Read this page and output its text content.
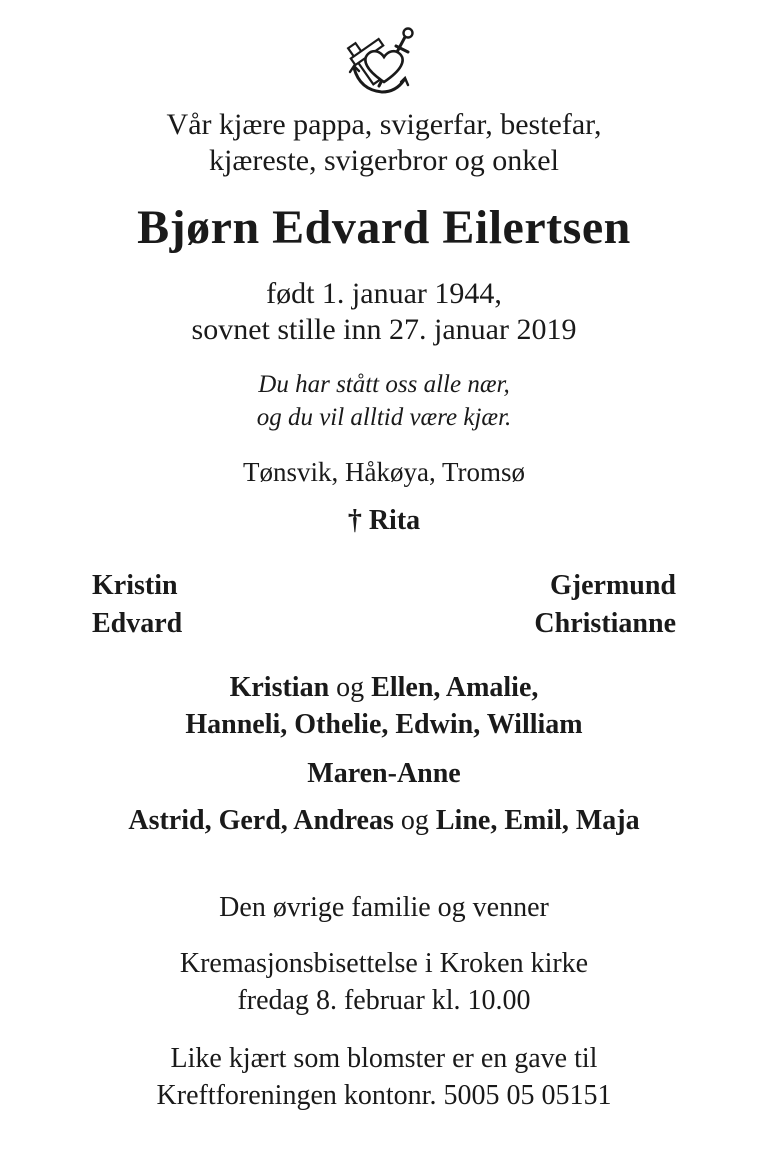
Vår kjære pappa, svigerfar, bestefar,
kjæreste, svigerbror og onkel
Bjørn Edvard Eilertsen
født 1. januar 1944,
sovnet stille inn 27. januar 2019
Du har stått oss alle nær,
og du vil alltid være kjær.
Tønsvik, Håkøya, Tromsø
† Rita
Kristin
Edvard
Gjermund
Christianne
Kristian og Ellen, Amalie,
Hanneli, Othelie, Edwin, William
Maren-Anne
Astrid, Gerd, Andreas og Line, Emil, Maja
Den øvrige familie og venner
Kremasjonsbisettelse i Kroken kirke
fredag 8. februar kl. 10.00
Like kjært som blomster er en gave til
Kreftforeningen kontonr. 5005 05 05151
